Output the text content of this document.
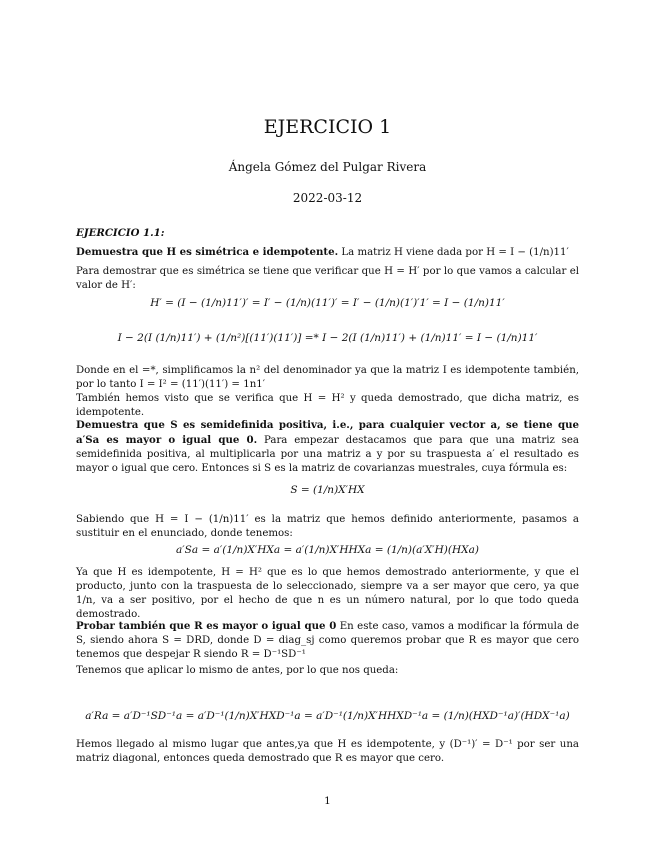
EJERCICIO 1
Ángela Gómez del Pulgar Rivera
2022-03-12
EJERCICIO 1.1:
Demuestra que H es simétrica e idempotente. La matriz H viene dada por H = I − (1/n)11′
Para demostrar que es simétrica se tiene que verificar que H = H′ por lo que vamos a calcular el valor de H′:
H′ = (I − (1/n)11′)′ = I′ − (1/n)(11′)′ = I′ − (1/n)(1′)′1′ = I − (1/n)11′
I − 2(I (1/n)11′) + (1/n²)[(11′)(11′)] =* I − 2(I (1/n)11′) + (1/n)11′ = I − (1/n)11′
Donde en el =*, simplificamos la n² del denominador ya que la matriz I es idempotente también, por lo tanto I = I² = (11′)(11′) = 1n1′
También hemos visto que se verifica que H = H² y queda demostrado, que dicha matriz, es idempotente.
Demuestra que S es semidefinida positiva, i.e., para cualquier vector a, se tiene que a′Sa es mayor o igual que 0. Para empezar destacamos que para que una matriz sea semidefinida positiva, al multiplicarla por una matriz a y por su traspuesta a′ el resultado es mayor o igual que cero. Entonces si S es la matriz de covarianzas muestrales, cuya fórmula es:
S = (1/n)X′HX
Sabiendo que H = I − (1/n)11′ es la matriz que hemos definido anteriormente, pasamos a sustituir en el enunciado, donde tenemos:
a′Sa = a′(1/n)X′HXa = a′(1/n)X′HHXa = (1/n)(a′X′H)(HXa)
Ya que H es idempotente, H = H² que es lo que hemos demostrado anteriormente, y que el producto, junto con la traspuesta de lo seleccionado, siempre va a ser mayor que cero, ya que 1/n, va a ser positivo, por el hecho de que n es un número natural, por lo que todo queda demostrado.
Probar también que R es mayor o igual que 0 En este caso, vamos a modificar la fórmula de S, siendo ahora S = DRD, donde D = diag_sj como queremos probar que R es mayor que cero tenemos que despejar R siendo R = D⁻¹SD⁻¹
Tenemos que aplicar lo mismo de antes, por lo que nos queda:
a′Ra = a′D⁻¹SD⁻¹a = a′D⁻¹(1/n)X′HXD⁻¹a = a′D⁻¹(1/n)X′HHXD⁻¹a = (1/n)(HXD⁻¹a)′(HDX⁻¹a)
Hemos llegado al mismo lugar que antes,ya que H es idempotente, y (D⁻¹)′ = D⁻¹ por ser una matriz diagonal, entonces queda demostrado que R es mayor que cero.
1
